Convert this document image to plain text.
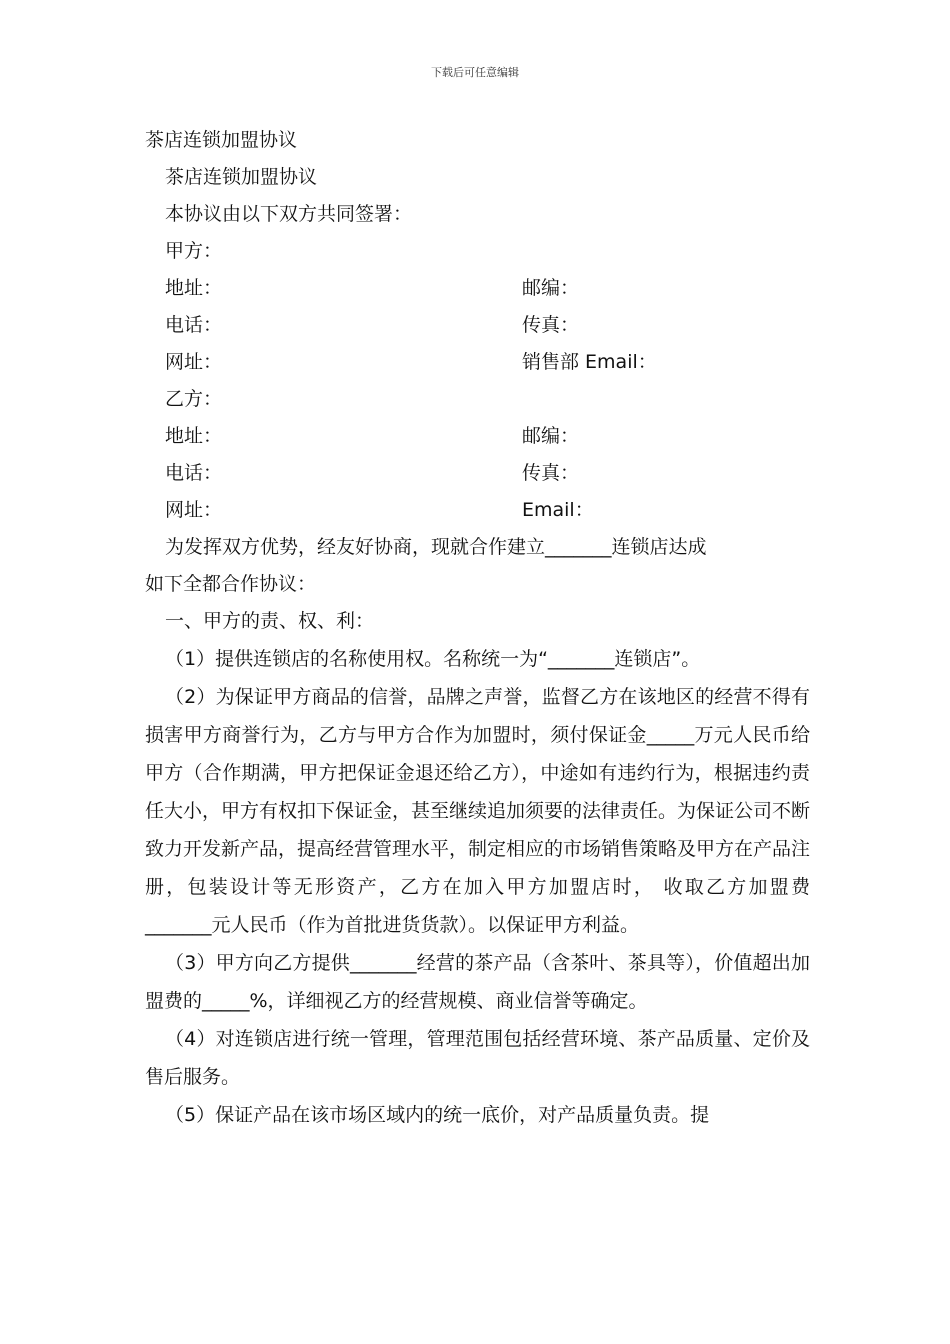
下载后可任意编辑
茶店连锁加盟协议
茶店连锁加盟协议
本协议由以下双方共同签署：
甲方：
地址：	邮编：
电话：	传真：
网址：	销售部 Email：
乙方：
地址：	邮编：
电话：	传真：
网址：	Email：
为发挥双方优势，经友好协商，现就合作建立_______连锁店达成
如下全都合作协议：
一、甲方的责、权、利：

（1）提供连锁店的名称使用权。名称统一为“_______连锁店”。

（2）为保证甲方商品的信誉，品牌之声誉，监督乙方在该地区的经营不得有损害甲方商誉行为，乙方与甲方合作为加盟时，须付保证金_____万元人民币给甲方（合作期满，甲方把保证金退还给乙方），中途如有违约行为，根据违约责任大小，甲方有权扣下保证金，甚至继续追加须要的法律责任。为保证公司不断致力开发新产品，提高经营管理水平，制定相应的市场销售策略及甲方在产品注册，包装设计等无形资产，乙方在加入甲方加盟店时， 收取乙方加盟费 _______元人民币（作为首批进货货款）。以保证甲方利益。

（3）甲方向乙方提供_______经营的茶产品（含茶叶、茶具等），价值超出加盟费的_____%，详细视乙方的经营规模、商业信誉等确定。

（4）对连锁店进行统一管理，管理范围包括经营环境、茶产品质量、定价及售后服务。

（5）保证产品在该市场区域内的统一底价，对产品质量负责。提
